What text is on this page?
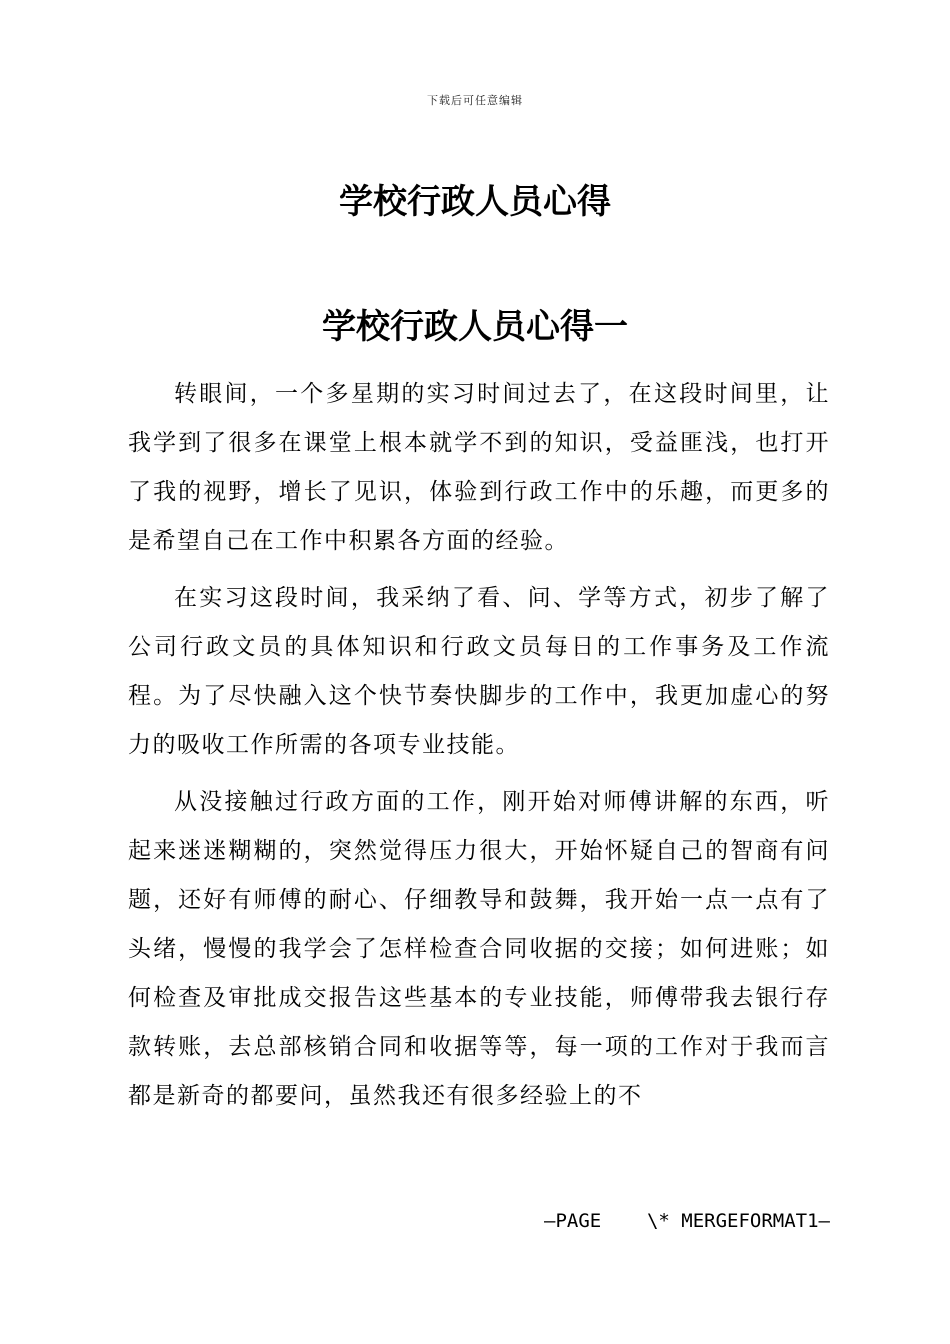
下载后可任意编辑
学校行政人员心得
学校行政人员心得一

转眼间，一个多星期的实习时间过去了，在这段时间里，让我学到了很多在课堂上根本就学不到的知识，受益匪浅，也打开了我的视野，增长了见识，体验到行政工作中的乐趣，而更多的是希望自己在工作中积累各方面的经验。

在实习这段时间，我采纳了看、问、学等方式，初步了解了公司行政文员的具体知识和行政文员每日的工作事务及工作流程。为了尽快融入这个快节奏快脚步的工作中，我更加虚心的努力的吸收工作所需的各项专业技能。

从没接触过行政方面的工作，刚开始对师傅讲解的东西，听起来迷迷糊糊的，突然觉得压力很大，开始怀疑自己的智商有问题，还好有师傅的耐心、仔细教导和鼓舞，我开始一点一点有了头绪，慢慢的我学会了怎样检查合同收据的交接；如何进账；如何检查及审批成交报告这些基本的专业技能，师傅带我去银行存款转账，去总部核销合同和收据等等，每一项的工作对于我而言都是新奇的都要问，虽然我还有很多经验上的不

—PAGE    \* MERGEFORMAT1—
